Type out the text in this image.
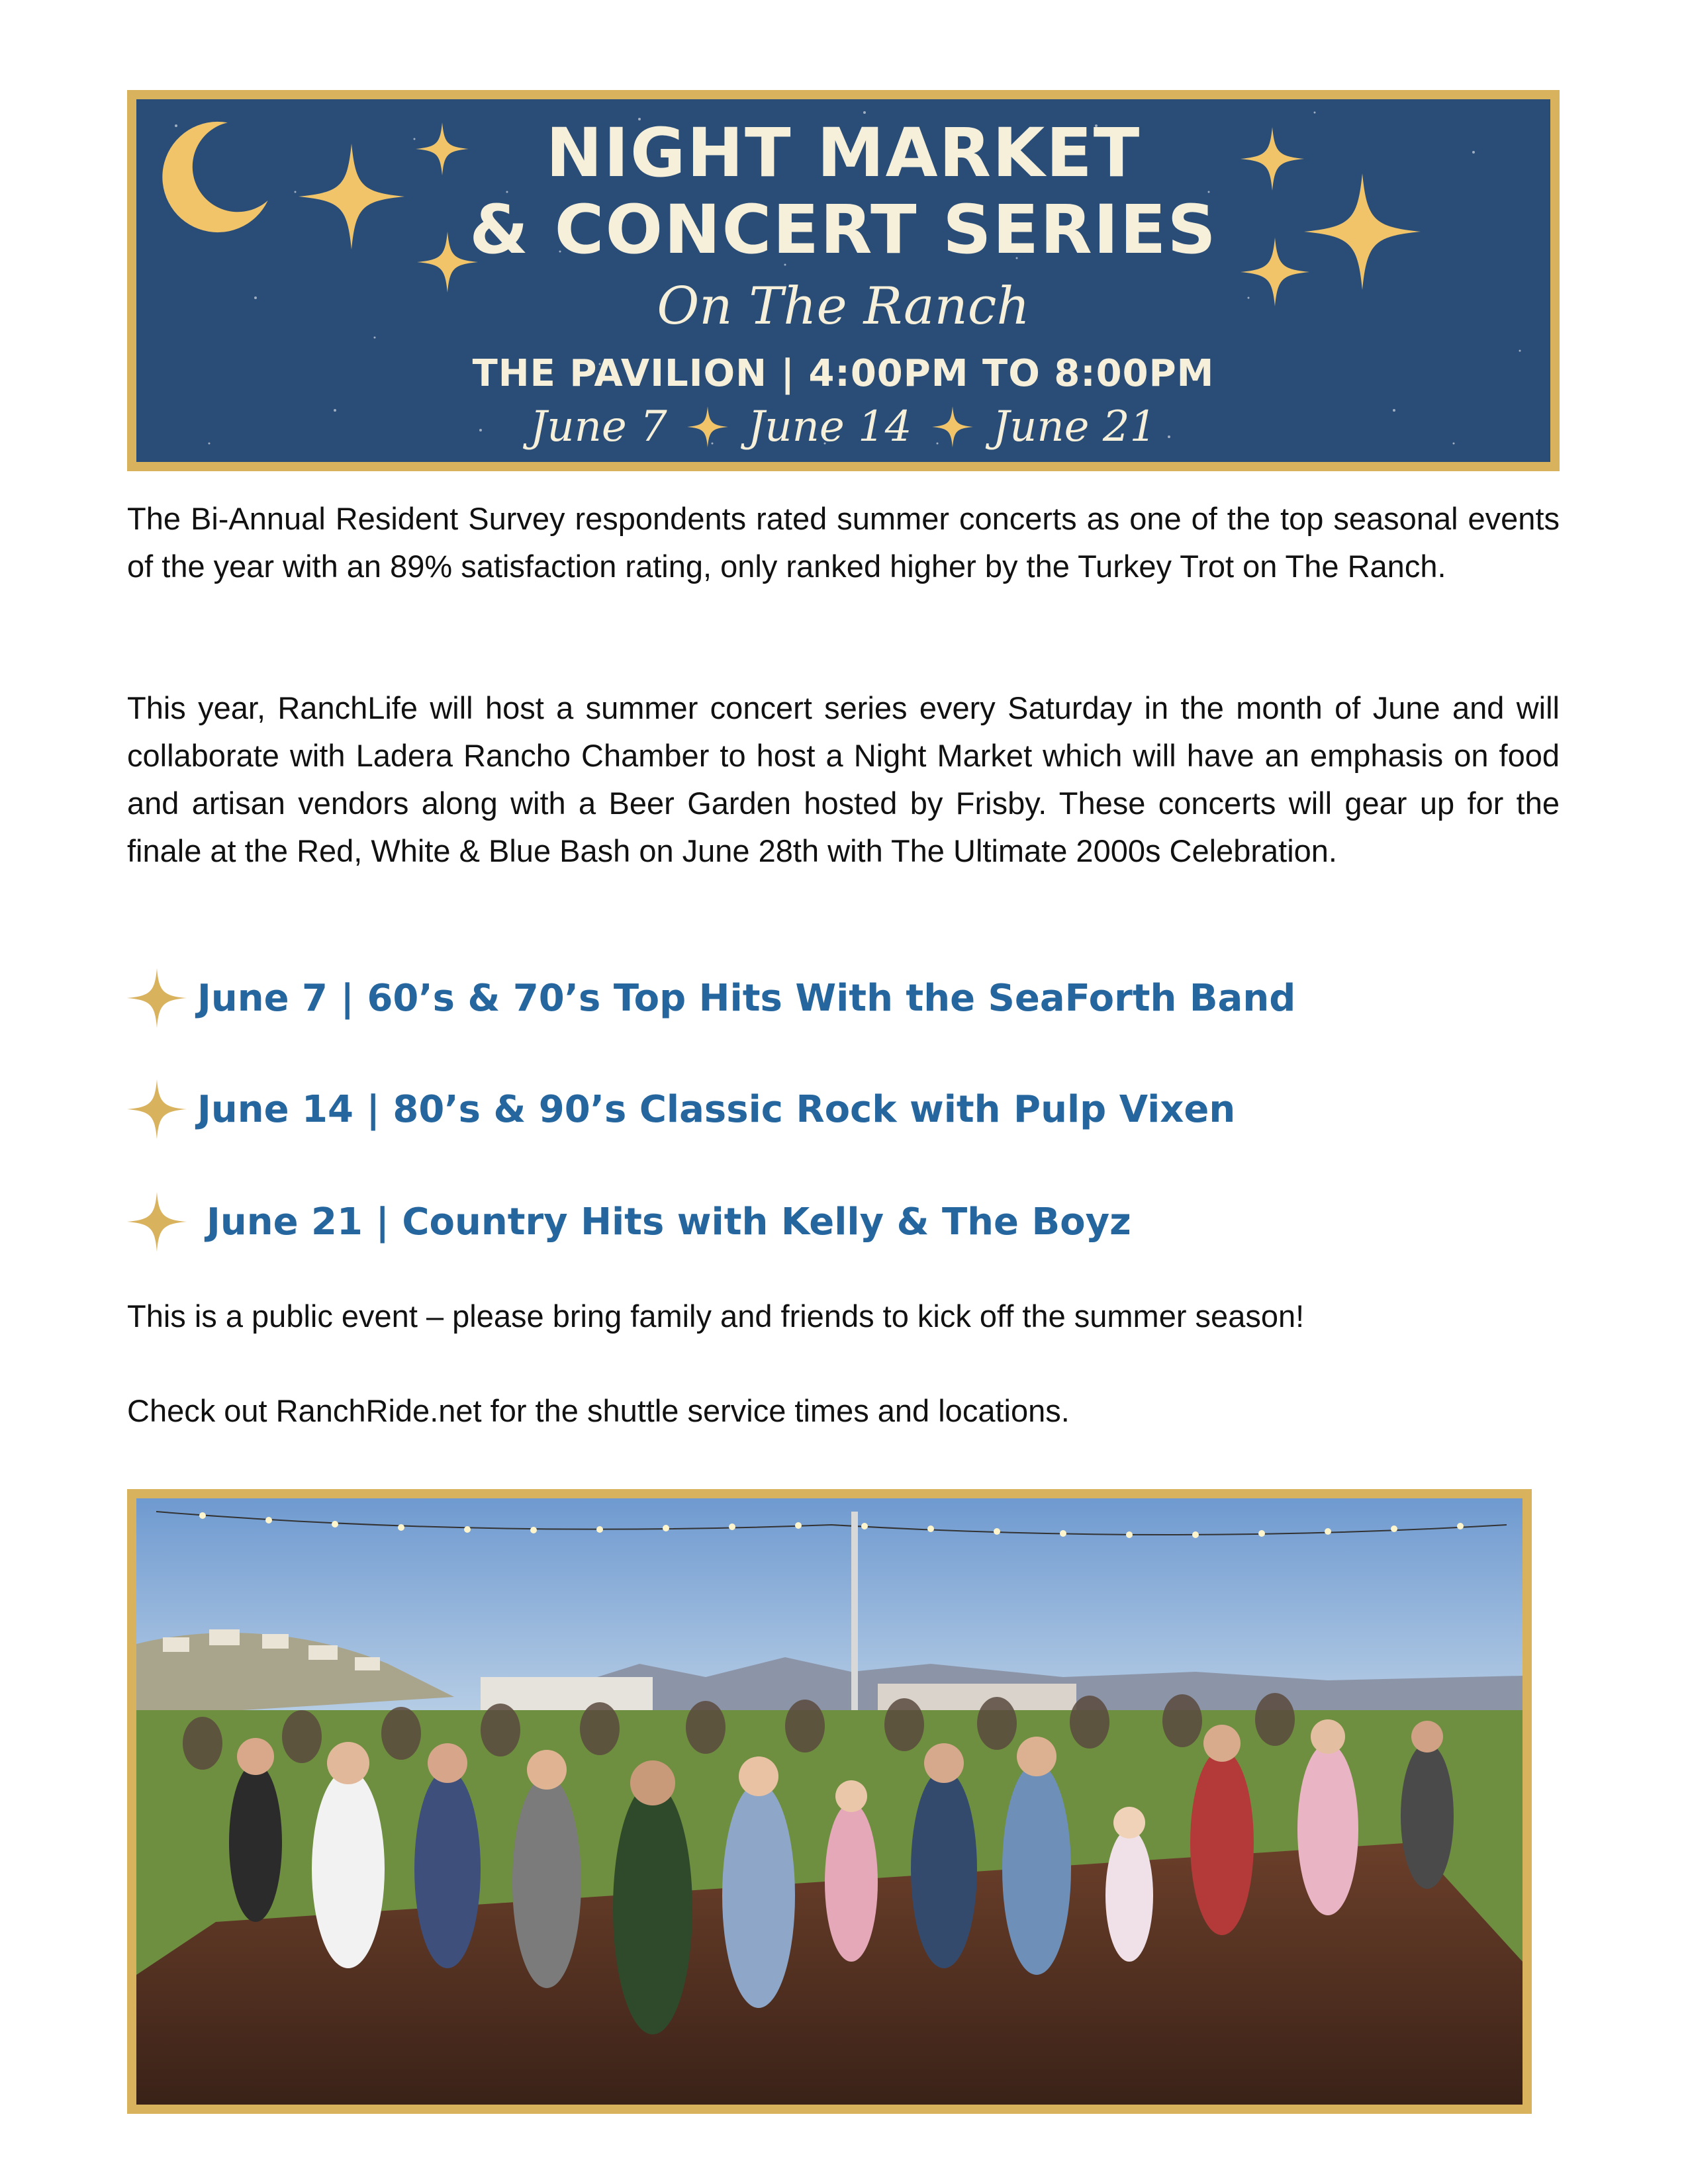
NIGHT MARKET
& CONCERT SERIES
On The Ranch
THE PAVILION | 4:00PM TO 8:00PM
June 7 June 14 June 21

The Bi-Annual Resident Survey respondents rated summer concerts as one of the top seasonal events of the year with an 89% satisfaction rating, only ranked higher by the Turkey Trot on The Ranch.

This year, RanchLife will host a summer concert series every Saturday in the month of June and will collaborate with Ladera Rancho Chamber to host a Night Market which will have an emphasis on food and artisan vendors along with a Beer Garden hosted by Frisby. These concerts will gear up for the finale at the Red, White & Blue Bash on June 28th with The Ultimate 2000s Celebration.

June 7 | 60’s & 70’s Top Hits With the SeaForth Band
June 14 | 80’s & 90’s Classic Rock with Pulp Vixen
June 21 | Country Hits with Kelly & The Boyz

This is a public event – please bring family and friends to kick off the summer season!

Check out RanchRide.net for the shuttle service times and locations.
